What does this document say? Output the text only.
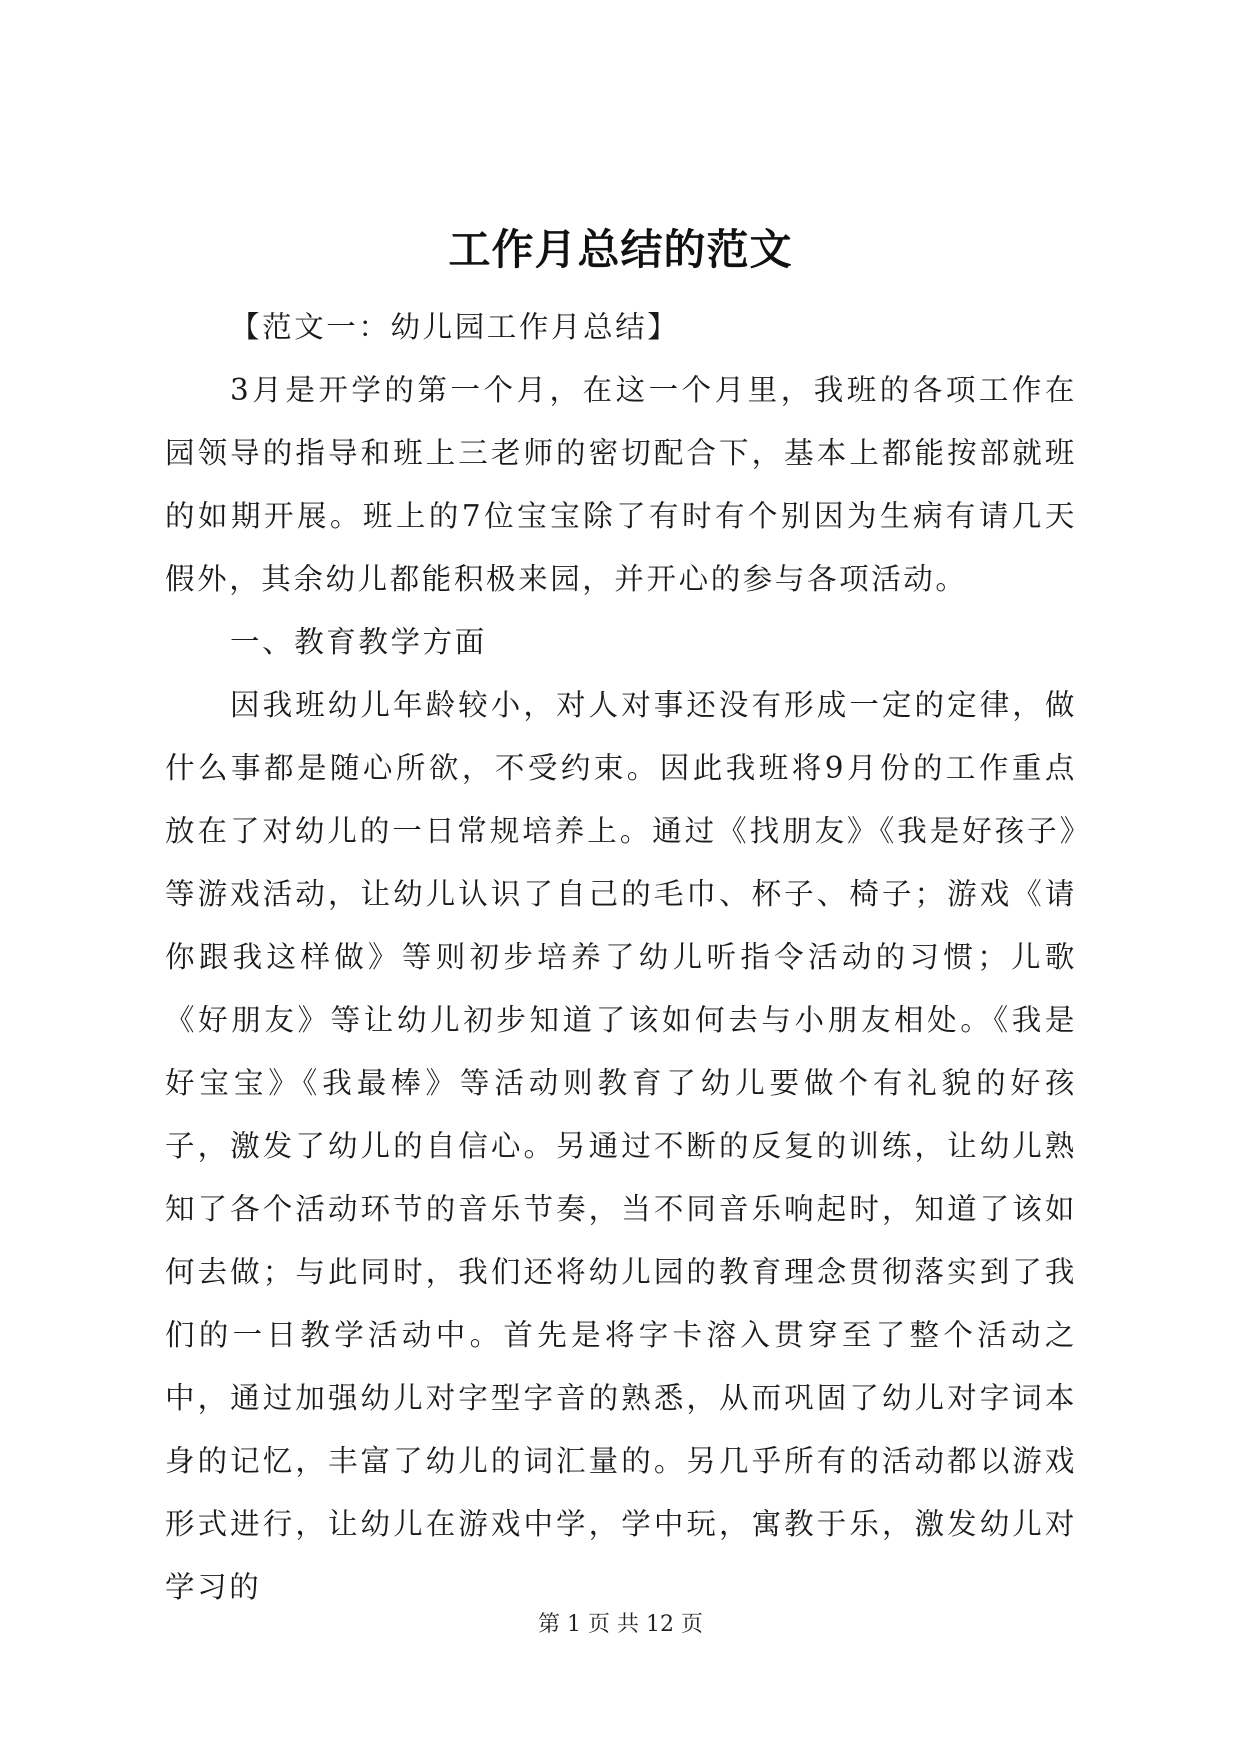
工作月总结的范文

【范文一：幼儿园工作月总结】

3月是开学的第一个月，在这一个月里，我班的各项工作在园领导的指导和班上三老师的密切配合下，基本上都能按部就班的如期开展。班上的7位宝宝除了有时有个别因为生病有请几天假外，其余幼儿都能积极来园，并开心的参与各项活动。

一、教育教学方面

因我班幼儿年龄较小，对人对事还没有形成一定的定律，做什么事都是随心所欲，不受约束。因此我班将9月份的工作重点放在了对幼儿的一日常规培养上。通过《找朋友》《我是好孩子》等游戏活动，让幼儿认识了自己的毛巾、杯子、椅子；游戏《请你跟我这样做》等则初步培养了幼儿听指令活动的习惯；儿歌《好朋友》等让幼儿初步知道了该如何去与小朋友相处。《我是好宝宝》《我最棒》等活动则教育了幼儿要做个有礼貌的好孩子，激发了幼儿的自信心。另通过不断的反复的训练，让幼儿熟知了各个活动环节的音乐节奏，当不同音乐响起时，知道了该如何去做；与此同时，我们还将幼儿园的教育理念贯彻落实到了我们的一日教学活动中。首先是将字卡溶入贯穿至了整个活动之中，通过加强幼儿对字型字音的熟悉，从而巩固了幼儿对字词本身的记忆，丰富了幼儿的词汇量的。另几乎所有的活动都以游戏形式进行，让幼儿在游戏中学，学中玩，寓教于乐，激发幼儿对学习的

第 1 页 共 12 页
